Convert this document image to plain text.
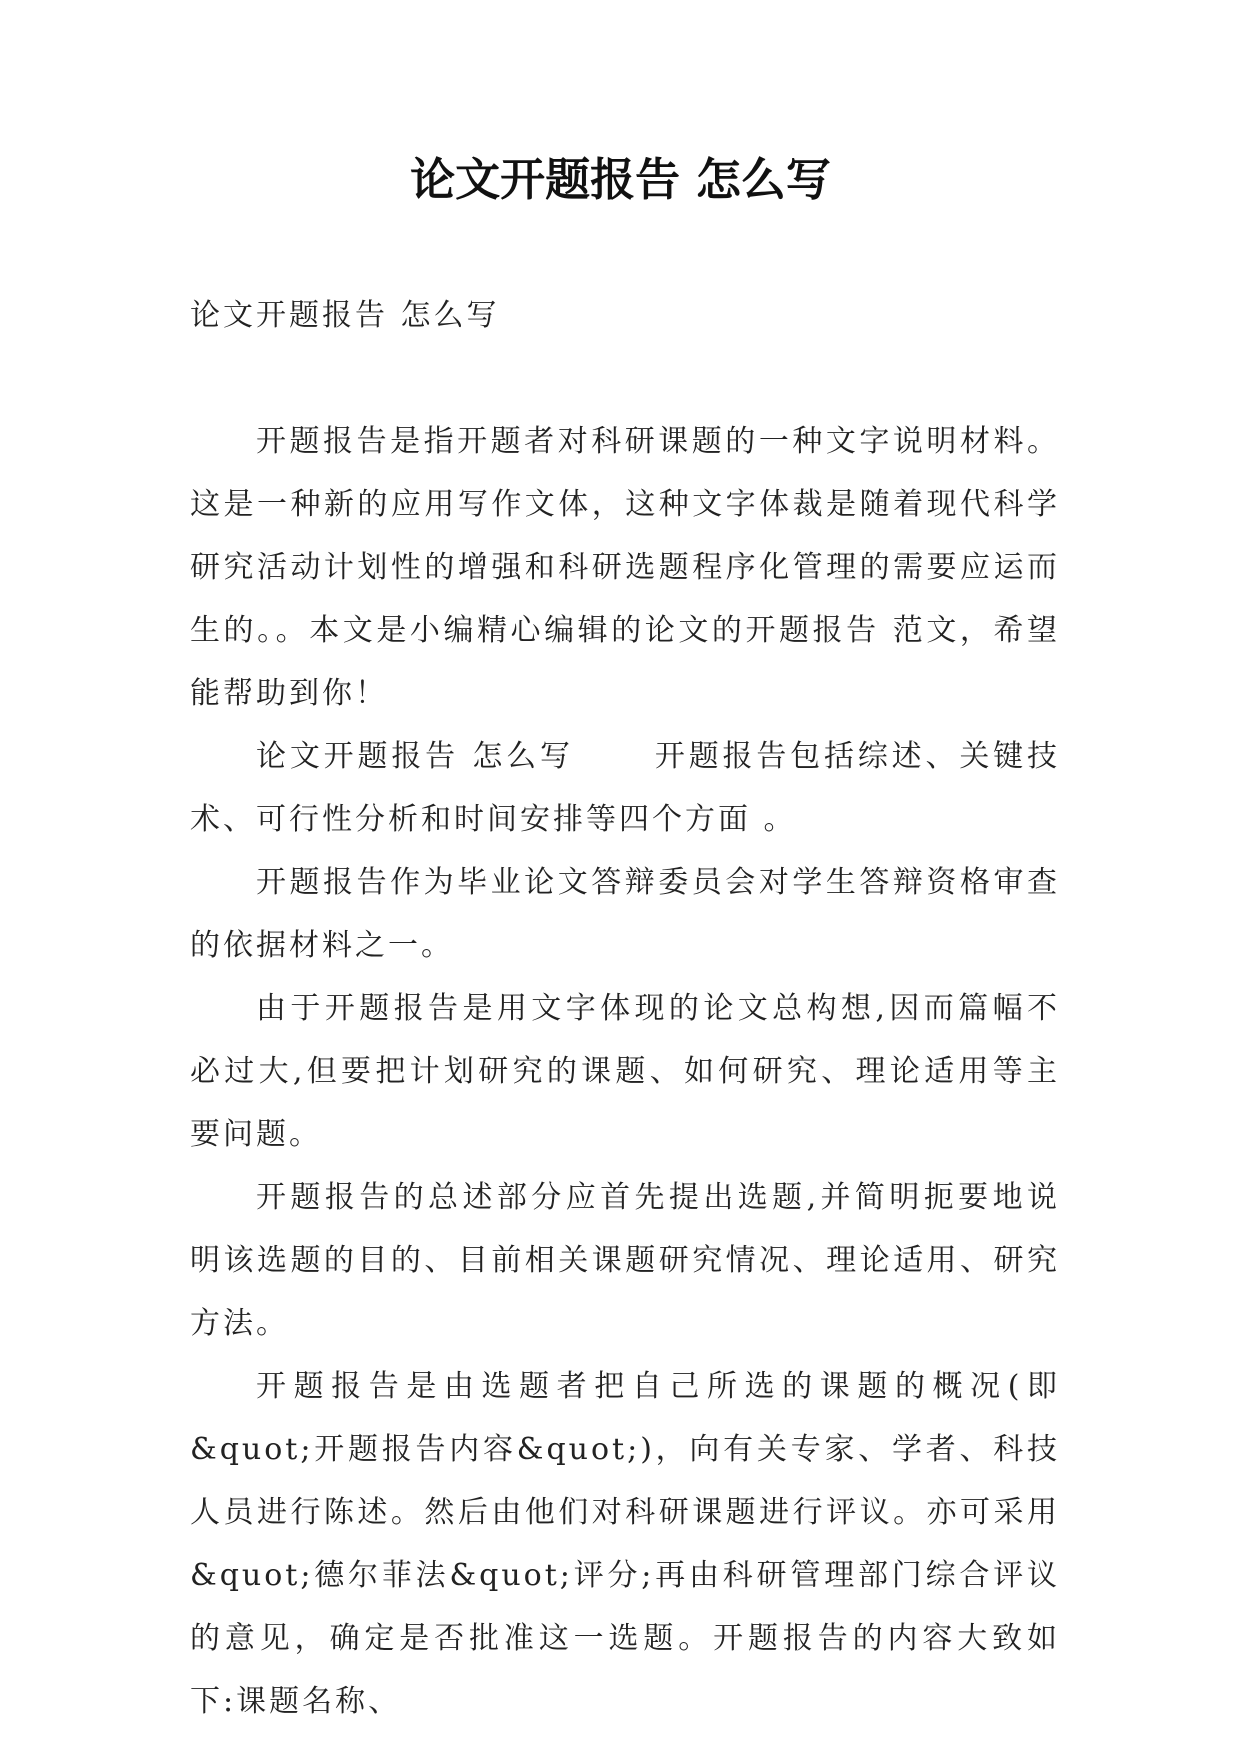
论文开题报告 怎么写

论文开题报告 怎么写

开题报告是指开题者对科研课题的一种文字说明材料。这是一种新的应用写作文体，这种文字体裁是随着现代科学研究活动计划性的增强和科研选题程序化管理的需要应运而生的。。本文是小编精心编辑的论文的开题报告 范文，希望能帮助到你！

论文开题报告 怎么写　　 开题报告包括综述、关键技术、可行性分析和时间安排等四个方面 。

开题报告作为毕业论文答辩委员会对学生答辩资格审查的依据材料之一。

由于开题报告是用文字体现的论文总构想,因而篇幅不必过大,但要把计划研究的课题、如何研究、理论适用等主要问题。

开题报告的总述部分应首先提出选题,并简明扼要地说明该选题的目的、目前相关课题研究情况、理论适用、研究方法。

开题报告是由选题者把自己所选的课题的概况(即&quot;开题报告内容&quot;)，向有关专家、学者、科技人员进行陈述。然后由他们对科研课题进行评议。亦可采用&quot;德尔菲法&quot;评分;再由科研管理部门综合评议的意见，确定是否批准这一选题。开题报告的内容大致如下:课题名称、
